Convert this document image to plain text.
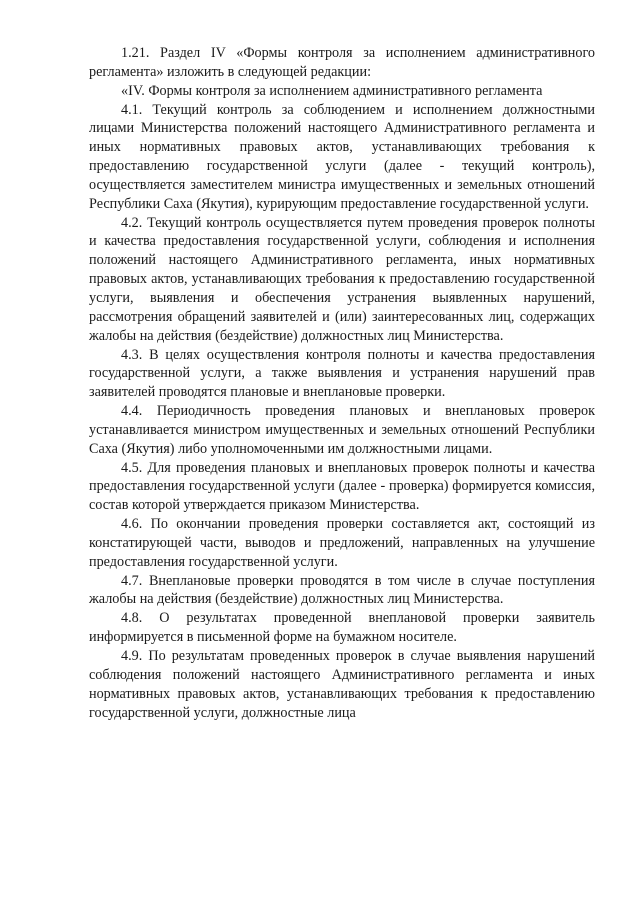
1.21. Раздел IV «Формы контроля за исполнением административного регламента» изложить в следующей редакции:

«IV. Формы контроля за исполнением административного регламента

4.1. Текущий контроль за соблюдением и исполнением должностными лицами Министерства положений настоящего Административного регламента и иных нормативных правовых актов, устанавливающих требования к предоставлению государственной услуги (далее - текущий контроль), осуществляется заместителем министра имущественных и земельных отношений Республики Саха (Якутия), курирующим предоставление государственной услуги.

4.2. Текущий контроль осуществляется путем проведения проверок полноты и качества предоставления государственной услуги, соблюдения и исполнения положений настоящего Административного регламента, иных нормативных правовых актов, устанавливающих требования к предоставлению государственной услуги, выявления и обеспечения устранения выявленных нарушений, рассмотрения обращений заявителей и (или) заинтересованных лиц, содержащих жалобы на действия (бездействие) должностных лиц Министерства.

4.3. В целях осуществления контроля полноты и качества предоставления государственной услуги, а также выявления и устранения нарушений прав заявителей проводятся плановые и внеплановые проверки.

4.4. Периодичность проведения плановых и внеплановых проверок устанавливается министром имущественных и земельных отношений Республики Саха (Якутия) либо уполномоченными им должностными лицами.

4.5. Для проведения плановых и внеплановых проверок полноты и качества предоставления государственной услуги (далее - проверка) формируется комиссия, состав которой утверждается приказом Министерства.

4.6. По окончании проведения проверки составляется акт, состоящий из констатирующей части, выводов и предложений, направленных на улучшение предоставления государственной услуги.

4.7. Внеплановые проверки проводятся в том числе в случае поступления жалобы на действия (бездействие) должностных лиц Министерства.

4.8. О результатах проведенной внеплановой проверки заявитель информируется в письменной форме на бумажном носителе.

4.9. По результатам проведенных проверок в случае выявления нарушений соблюдения положений настоящего Административного регламента и иных нормативных правовых актов, устанавливающих требования к предоставлению государственной услуги, должностные лица
